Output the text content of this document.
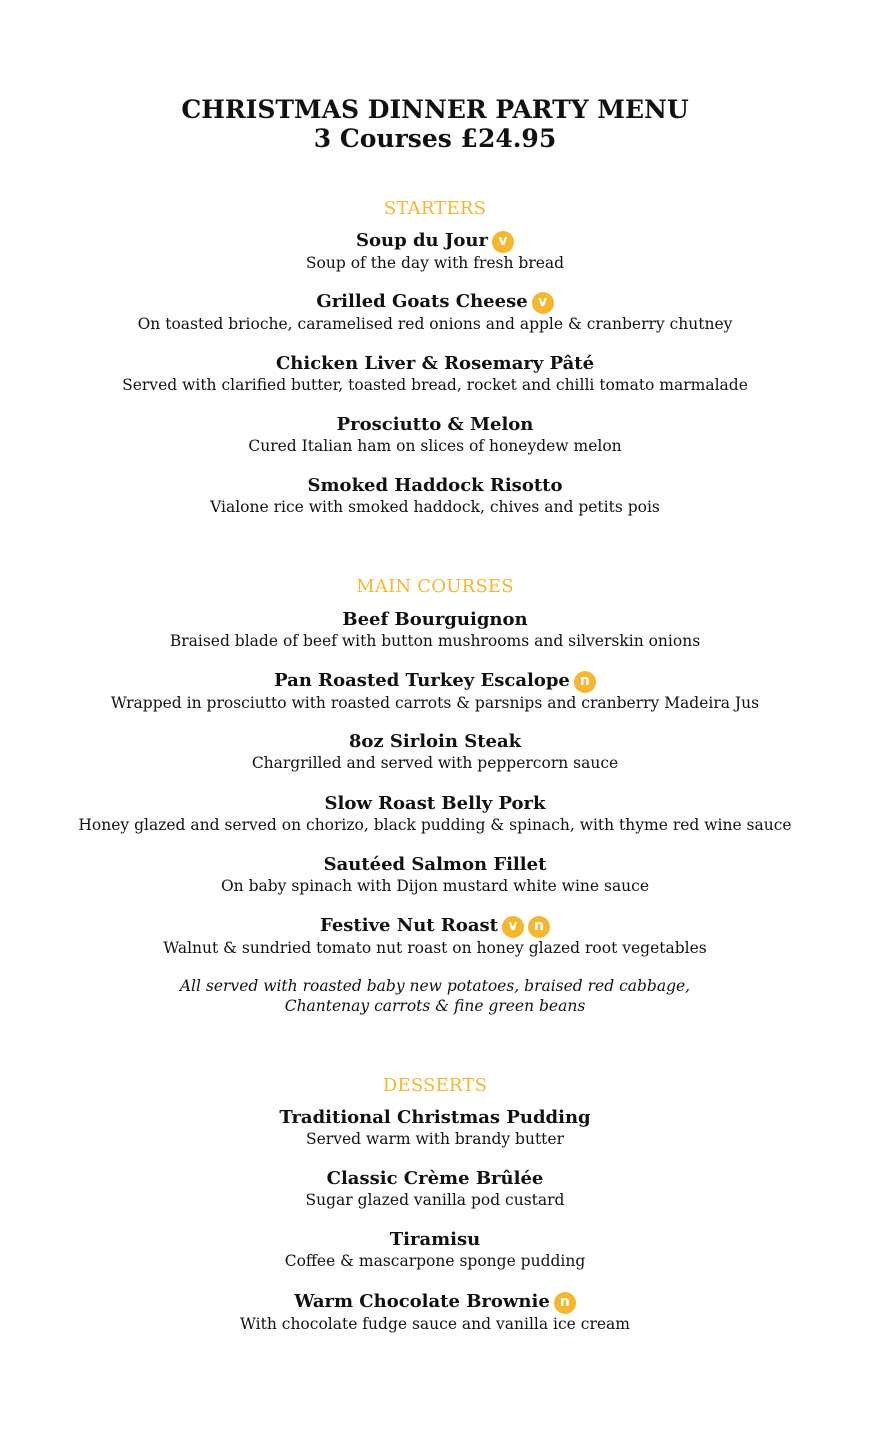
CHRISTMAS DINNER PARTY MENU
3 Courses £24.95
STARTERS
Soup du Jour v
Soup of the day with fresh bread
Grilled Goats Cheese v
On toasted brioche, caramelised red onions and apple & cranberry chutney
Chicken Liver & Rosemary Pâté
Served with clarified butter, toasted bread, rocket and chilli tomato marmalade
Prosciutto & Melon
Cured Italian ham on slices of honeydew melon
Smoked Haddock Risotto
Vialone rice with smoked haddock, chives and petits pois
MAIN COURSES
Beef Bourguignon
Braised blade of beef with button mushrooms and silverskin onions
Pan Roasted Turkey Escalope n
Wrapped in prosciutto with roasted carrots & parsnips and cranberry Madeira Jus
8oz Sirloin Steak
Chargrilled and served with peppercorn sauce
Slow Roast Belly Pork
Honey glazed and served on chorizo, black pudding & spinach, with thyme red wine sauce
Sautéed Salmon Fillet
On baby spinach with Dijon mustard white wine sauce
Festive Nut Roast v n
Walnut & sundried tomato nut roast on honey glazed root vegetables
All served with roasted baby new potatoes, braised red cabbage,
Chantenay carrots & fine green beans
DESSERTS
Traditional Christmas Pudding
Served warm with brandy butter
Classic Crème Brûlée
Sugar glazed vanilla pod custard
Tiramisu
Coffee & mascarpone sponge pudding
Warm Chocolate Brownie n
With chocolate fudge sauce and vanilla ice cream
